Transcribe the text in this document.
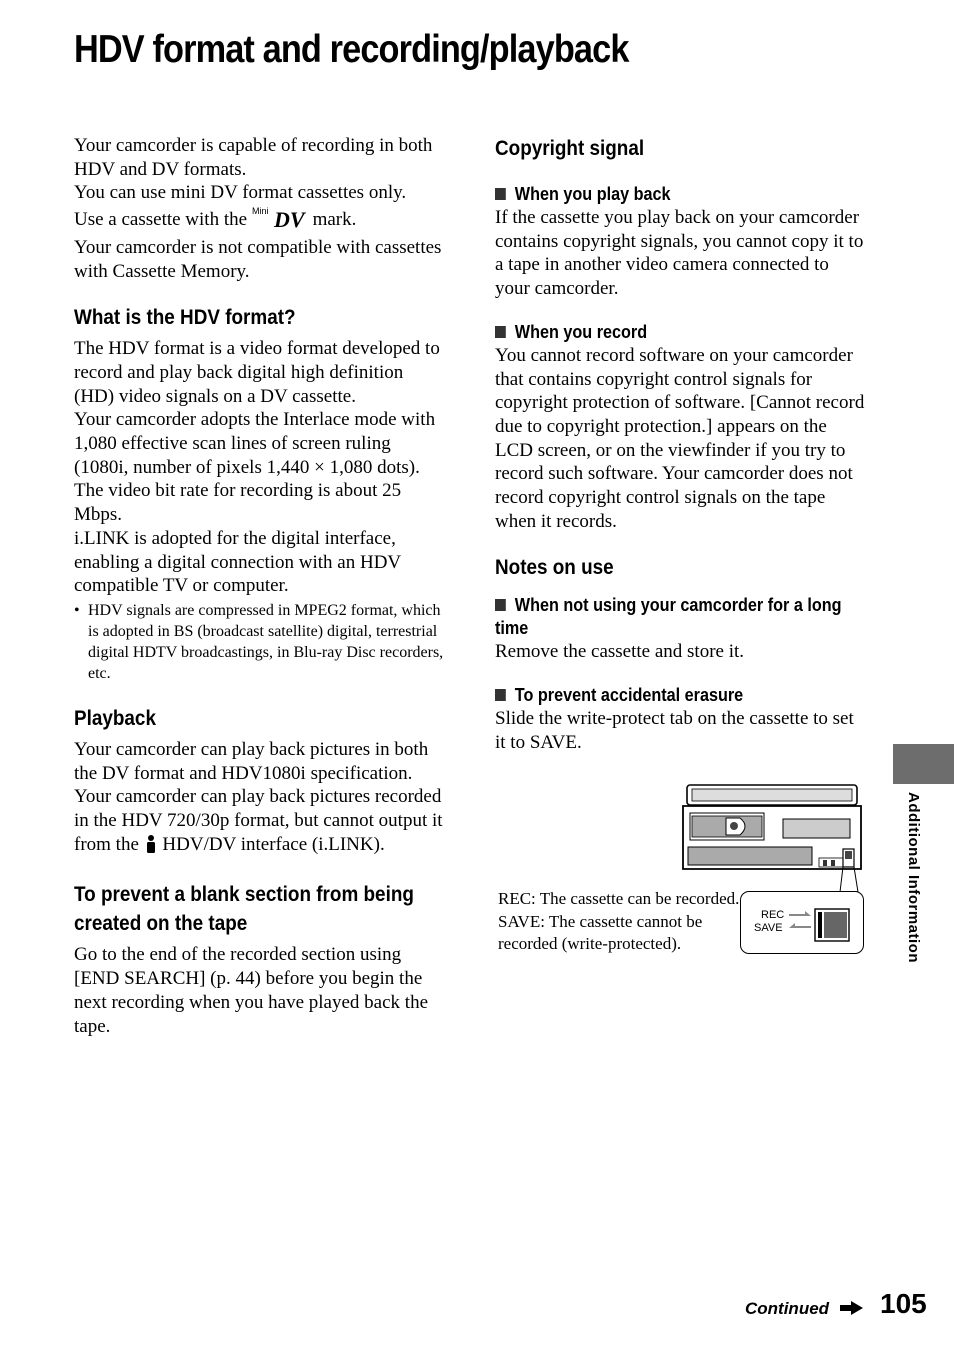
HDV format and recording/playback

Your camcorder is capable of recording in both HDV and DV formats.

You can use mini DV format cassettes only.

Use a cassette with the Mini DV mark.

Your camcorder is not compatible with cassettes with Cassette Memory.

What is the HDV format?

The HDV format is a video format developed to record and play back digital high definition (HD) video signals on a DV cassette.

Your camcorder adopts the Interlace mode with 1,080 effective scan lines of screen ruling (1080i, number of pixels 1,440 × 1,080 dots).

The video bit rate for recording is about 25 Mbps.

i.LINK is adopted for the digital interface, enabling a digital connection with an HDV compatible TV or computer.

• HDV signals are compressed in MPEG2 format, which is adopted in BS (broadcast satellite) digital, terrestrial digital HDTV broadcastings, in Blu-ray Disc recorders, etc.
Playback

Your camcorder can play back pictures in both the DV format and HDV1080i specification.

Your camcorder can play back pictures recorded in the HDV 720/30p format, but cannot output it from the  HDV/DV interface (i.LINK).

To prevent a blank section from being created on the tape

Go to the end of the recorded section using [END SEARCH] (p. 44) before you begin the next recording when you have played back the tape.

Copyright signal
When you play back

If the cassette you play back on your camcorder contains copyright signals, you cannot copy it to a tape in another video camera connected to your camcorder.

When you record

You cannot record software on your camcorder that contains copyright control signals for copyright protection of software. [Cannot record due to copyright protection.] appears on the LCD screen, or on the viewfinder if you try to record such software. Your camcorder does not record copyright control signals on the tape when it records.

Notes on use
When not using your camcorder for a long time

Remove the cassette and store it.

To prevent accidental erasure

Slide the write-protect tab on the cassette to set it to SAVE.

REC: The cassette can be recorded.
SAVE: The cassette cannot be recorded (write-protected).
REC
SAVE	Additional Information
Continued 105
